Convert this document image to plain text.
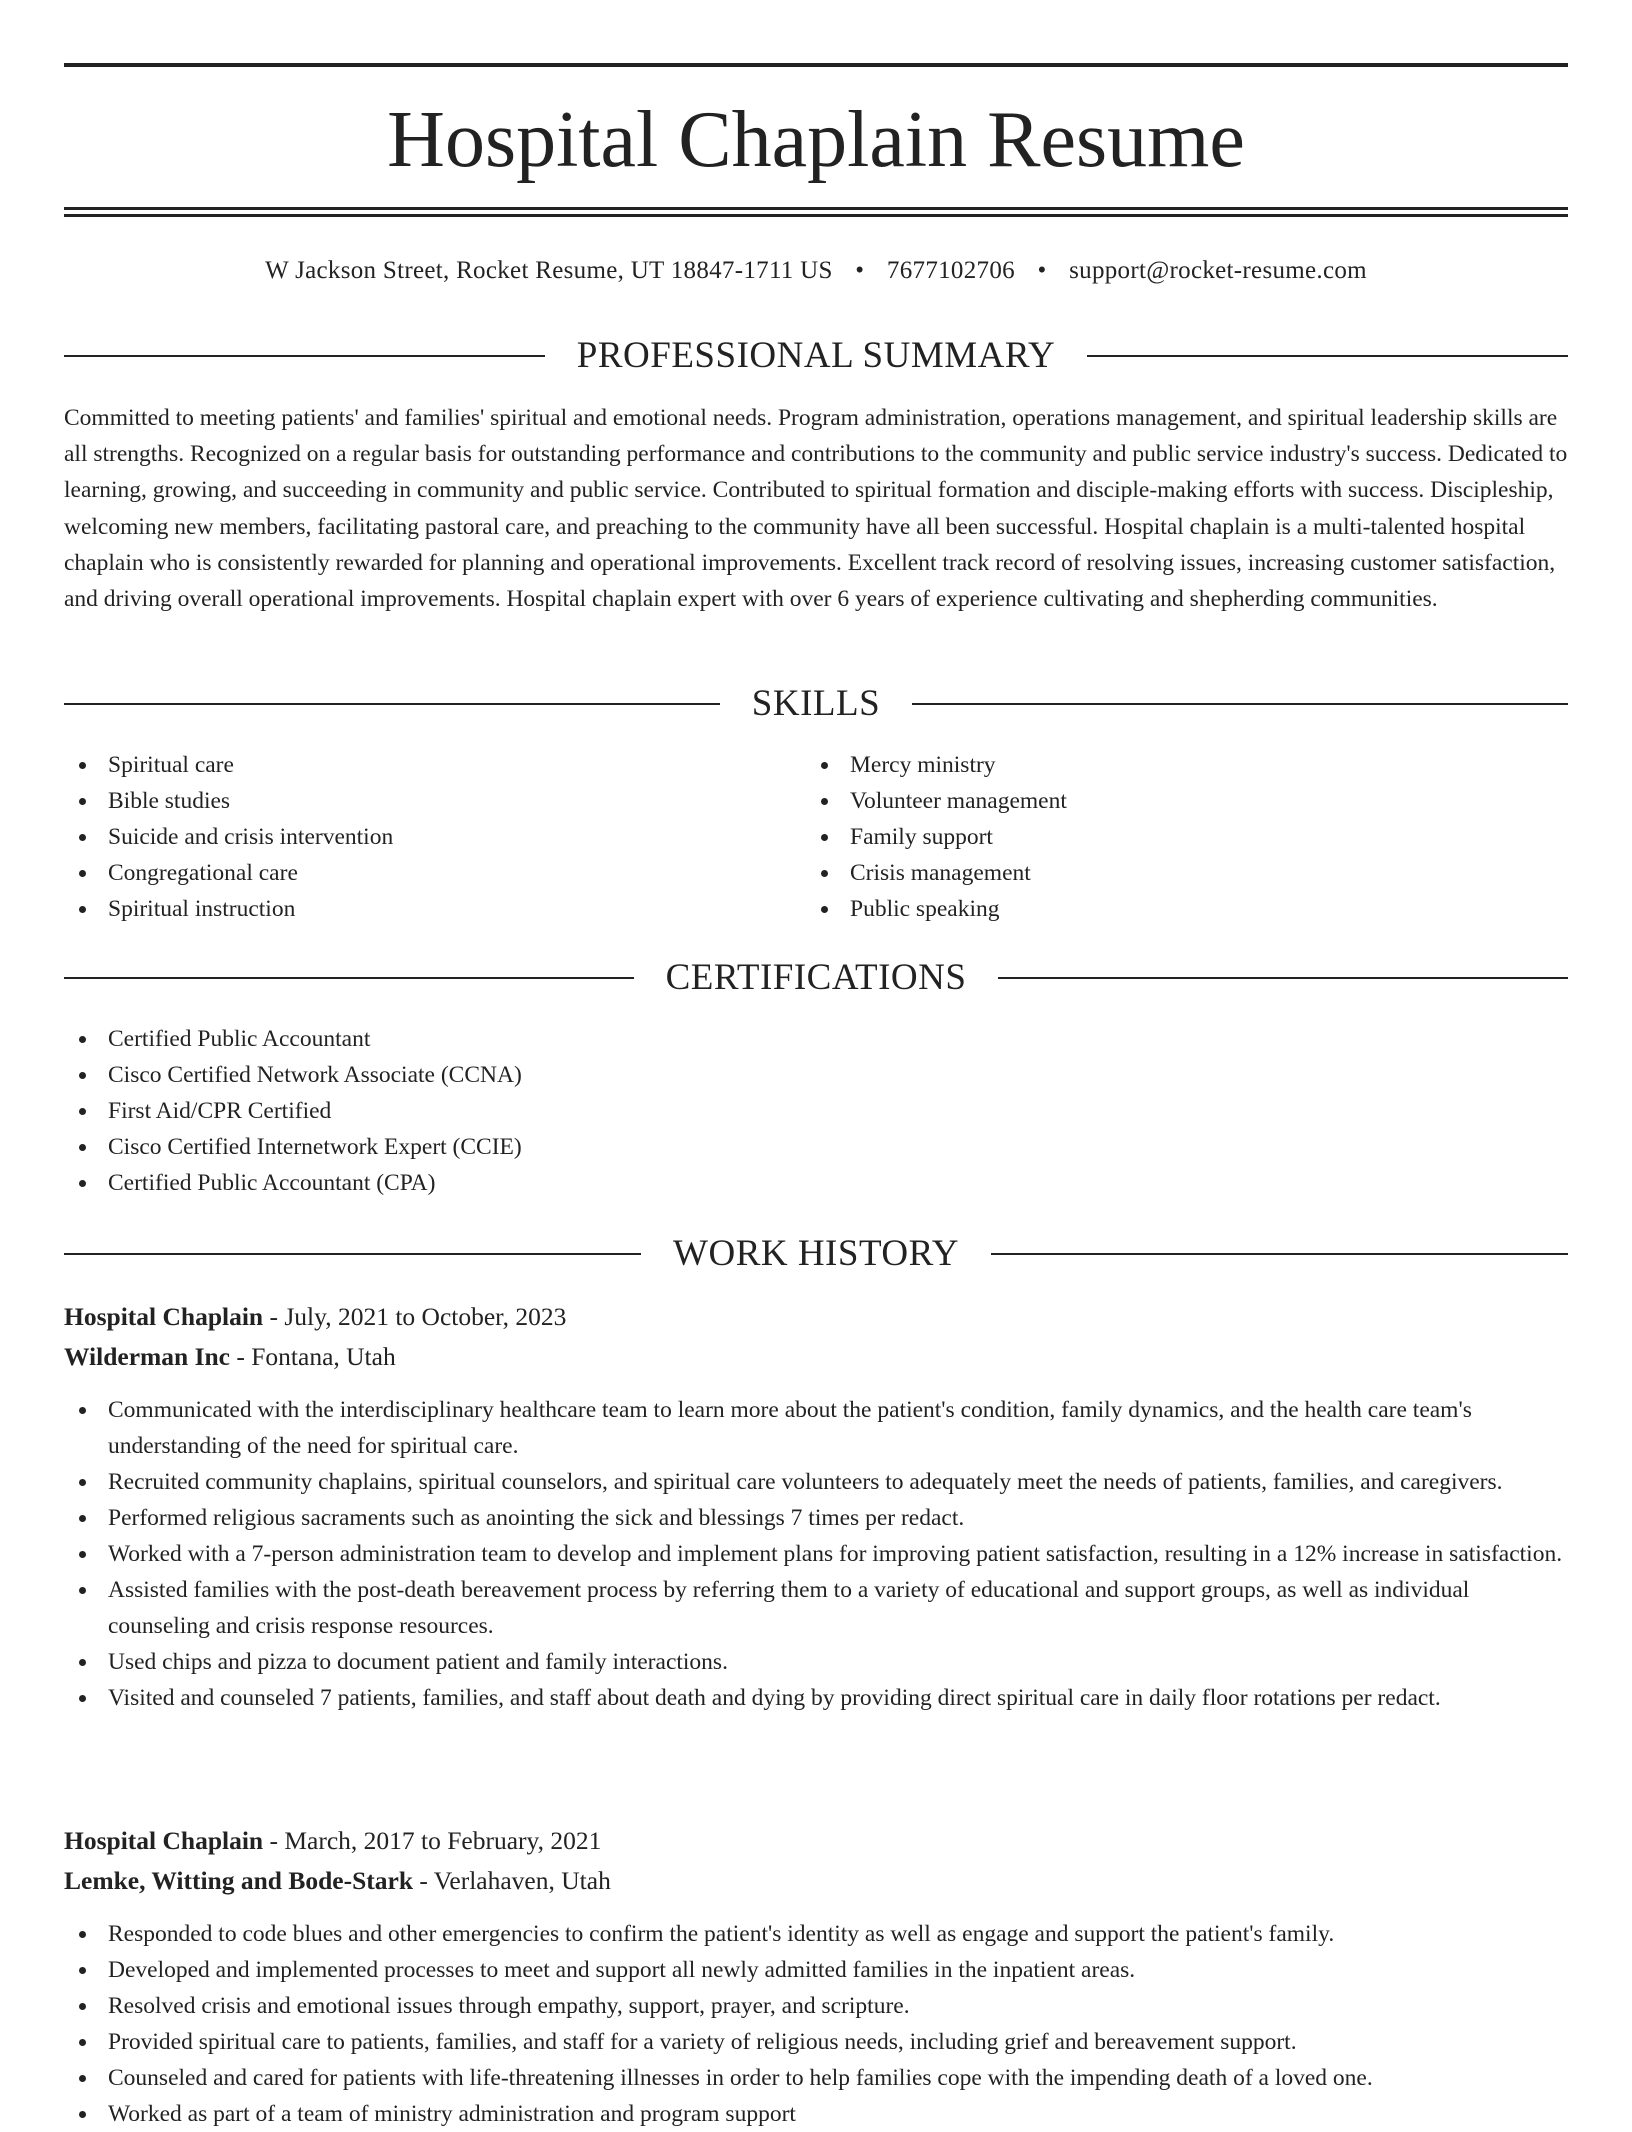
Hospital Chaplain Resume
W Jackson Street, Rocket Resume, UT 18847-1711 US • 7677102706 • support@rocket-resume.com
PROFESSIONAL SUMMARY

Committed to meeting patients' and families' spiritual and emotional needs. Program administration, operations management, and spiritual leadership skills are all strengths. Recognized on a regular basis for outstanding performance and contributions to the community and public service industry's success. Dedicated to learning, growing, and succeeding in community and public service. Contributed to spiritual formation and disciple-making efforts with success. Discipleship, welcoming new members, facilitating pastoral care, and preaching to the community have all been successful. Hospital chaplain is a multi-talented hospital chaplain who is consistently rewarded for planning and operational improvements. Excellent track record of resolving issues, increasing customer satisfaction, and driving overall operational improvements. Hospital chaplain expert with over 6 years of experience cultivating and shepherding communities.

SKILLS
Spiritual care
Bible studies
Suicide and crisis intervention
Congregational care
Spiritual instruction
Mercy ministry
Volunteer management
Family support
Crisis management
Public speaking
CERTIFICATIONS
Certified Public Accountant
Cisco Certified Network Associate (CCNA)
First Aid/CPR Certified
Cisco Certified Internetwork Expert (CCIE)
Certified Public Accountant (CPA)
WORK HISTORY
Hospital Chaplain - July, 2021 to October, 2023
Wilderman Inc - Fontana, Utah
Communicated with the interdisciplinary healthcare team to learn more about the patient's condition, family dynamics, and the health care team's understanding of the need for spiritual care.
Recruited community chaplains, spiritual counselors, and spiritual care volunteers to adequately meet the needs of patients, families, and caregivers.
Performed religious sacraments such as anointing the sick and blessings 7 times per redact.
Worked with a 7-person administration team to develop and implement plans for improving patient satisfaction, resulting in a 12% increase in satisfaction.
Assisted families with the post-death bereavement process by referring them to a variety of educational and support groups, as well as individual counseling and crisis response resources.
Used chips and pizza to document patient and family interactions.
Visited and counseled 7 patients, families, and staff about death and dying by providing direct spiritual care in daily floor rotations per redact.
Hospital Chaplain - March, 2017 to February, 2021
Lemke, Witting and Bode-Stark - Verlahaven, Utah
Responded to code blues and other emergencies to confirm the patient's identity as well as engage and support the patient's family.
Developed and implemented processes to meet and support all newly admitted families in the inpatient areas.
Resolved crisis and emotional issues through empathy, support, prayer, and scripture.
Provided spiritual care to patients, families, and staff for a variety of religious needs, including grief and bereavement support.
Counseled and cared for patients with life-threatening illnesses in order to help families cope with the impending death of a loved one.
Worked as part of a team of ministry administration and program support
